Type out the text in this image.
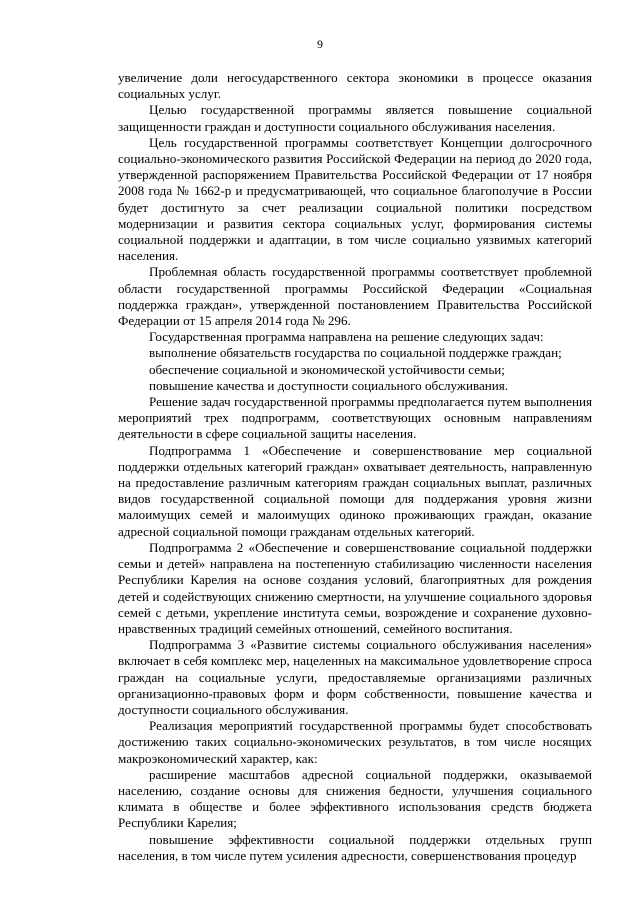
9

увеличение доли негосударственного сектора экономики в процессе оказания социальных услуг.

Целью государственной программы является повышение социальной защищенности граждан и доступности социального обслуживания населения.

Цель государственной программы соответствует Концепции долгосрочного социально-экономического развития Российской Федерации на период до 2020 года, утвержденной распоряжением Правительства Российской Федерации от 17 ноября 2008 года № 1662-р и предусматривающей, что социальное благополучие в России будет достигнуто за счет реализации социальной политики посредством модернизации и развития сектора социальных услуг, формирования системы социальной поддержки и адаптации, в том числе социально уязвимых категорий населения.

Проблемная область государственной программы соответствует проблемной области государственной программы Российской Федерации «Социальная поддержка граждан», утвержденной постановлением Правительства Российской Федерации от 15 апреля 2014 года № 296.

Государственная программа направлена на решение следующих задач:

выполнение обязательств государства по социальной поддержке граждан;

обеспечение социальной и экономической устойчивости семьи;

повышение качества и доступности социального обслуживания.

Решение задач государственной программы предполагается путем выполнения мероприятий трех подпрограмм, соответствующих основным направлениям деятельности в сфере социальной защиты населения.

Подпрограмма 1 «Обеспечение и совершенствование мер социальной поддержки отдельных категорий граждан» охватывает деятельность, направленную на предоставление различным категориям граждан социальных выплат, различных видов государственной социальной помощи для поддержания уровня жизни малоимущих семей и малоимущих одиноко проживающих граждан, оказание адресной социальной помощи гражданам отдельных категорий.

Подпрограмма 2 «Обеспечение и совершенствование социальной поддержки семьи и детей» направлена на постепенную стабилизацию численности населения Республики Карелия на основе создания условий, благоприятных для рождения детей и содействующих снижению смертности, на улучшение социального здоровья семей с детьми, укрепление института семьи, возрождение и сохранение духовно-нравственных традиций семейных отношений, семейного воспитания.

Подпрограмма 3 «Развитие системы социального обслуживания населения» включает в себя комплекс мер, нацеленных на максимальное удовлетворение спроса граждан на социальные услуги, предоставляемые организациями различных организационно-правовых форм и форм собственности, повышение качества и доступности социального обслуживания.

Реализация мероприятий государственной программы будет способствовать достижению таких социально-экономических результатов, в том числе носящих макроэкономический характер, как:

расширение масштабов адресной социальной поддержки, оказываемой населению, создание основы для снижения бедности, улучшения социального климата в обществе и более эффективного использования средств бюджета Республики Карелия;

повышение эффективности социальной поддержки отдельных групп населения, в том числе путем усиления адресности, совершенствования процедур
